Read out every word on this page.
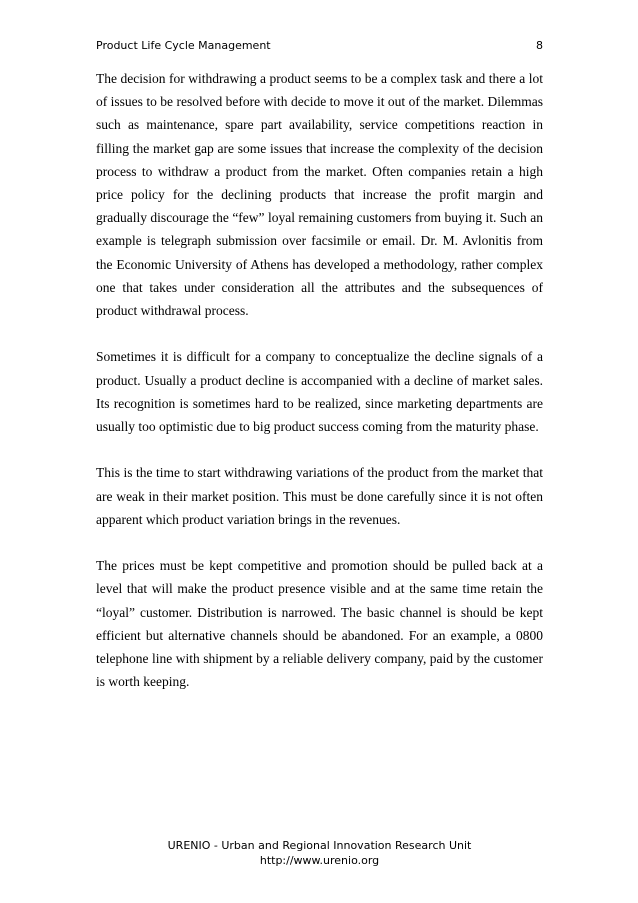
Product Life Cycle Management	8

The decision for withdrawing a product seems to be a complex task and there a lot of issues to be resolved before with decide to move it out of the market. Dilemmas such as maintenance, spare part availability, service competitions reaction in filling the market gap are some issues that increase the complexity of the decision process to withdraw a product from the market. Often companies retain a high price policy for the declining products that increase the profit margin and gradually discourage the “few” loyal remaining customers from buying it. Such an example is telegraph submission over facsimile or email. Dr. M. Avlonitis from the Economic University of Athens has developed a methodology, rather complex one that takes under consideration all the attributes and the subsequences of product withdrawal process.

Sometimes it is difficult for a company to conceptualize the decline signals of a product. Usually a product decline is accompanied with a decline of market sales. Its recognition is sometimes hard to be realized, since marketing departments are usually too optimistic due to big product success coming from the maturity phase.

This is the time to start withdrawing variations of the product from the market that are weak in their market position. This must be done carefully since it is not often apparent which product variation brings in the revenues.

The prices must be kept competitive and promotion should be pulled back at a level that will make the product presence visible and at the same time retain the “loyal” customer. Distribution is narrowed. The basic channel is should be kept efficient but alternative channels should be abandoned. For an example, a 0800 telephone line with shipment by a reliable delivery company, paid by the customer is worth keeping.

URENIO - Urban and Regional Innovation Research Unit
http://www.urenio.org
